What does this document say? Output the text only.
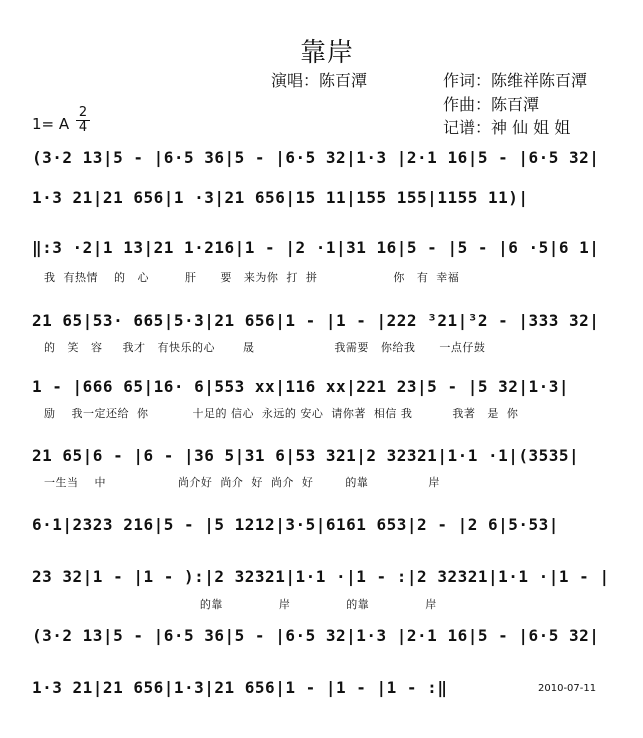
靠岸
演唱：陈百潭	作词：陈维祥陈百潭
作曲：陈百潭
记谱：神 仙 姐 姐
1= A
2
4
(3·2 13|5 - |6·5 36|5 - |6·5 32|1·3 |2·1 16|5 - |6·5 32|
1·3 21|21 656|1 ·3|21 656|15 11|155 155|1155 11)|
‖:3 ·2|1 13|21 1·216|1 - |2 ·1|31 16|5 - |5 - |6 ·5|6 1|
我  有热情    的   心         肝      要   来为你  打  拼                   你   有  幸福
21 65|53· 665|5·3|21 656|1 - |1 - |222 ³21|³2 - |333 32|
的   笑   容     我才   有快乐的心       晟                    我需要   你给我      一点仔鼓
1 - |666 65|16· 6|553 xx|116 xx|221 23|5 - |5 32|1·3|
励    我一定还给  你           十足的 信心  永远的 安心  请你著  相信 我          我著   是  你
21 65|6 - |6 - |36 5|31 6|53 321|2 32321|1·1 ·1|(3535|
一生当    中                  尚介好  尚介  好  尚介  好        的靠               岸
6·1|2323 216|5 - |5 1212|3·5|6161 653|2 - |2 6|5·53|
23 32|1 - |1 - ):|2 32321|1·1 ·|1 - :|2 32321|1·1 ·|1 - |
的靠              岸              的靠              岸
(3·2 13|5 - |6·5 36|5 - |6·5 32|1·3 |2·1 16|5 - |6·5 32|
1·3 21|21 656|1·3|21 656|1 - |1 - |1 - :‖	2010-07-11
